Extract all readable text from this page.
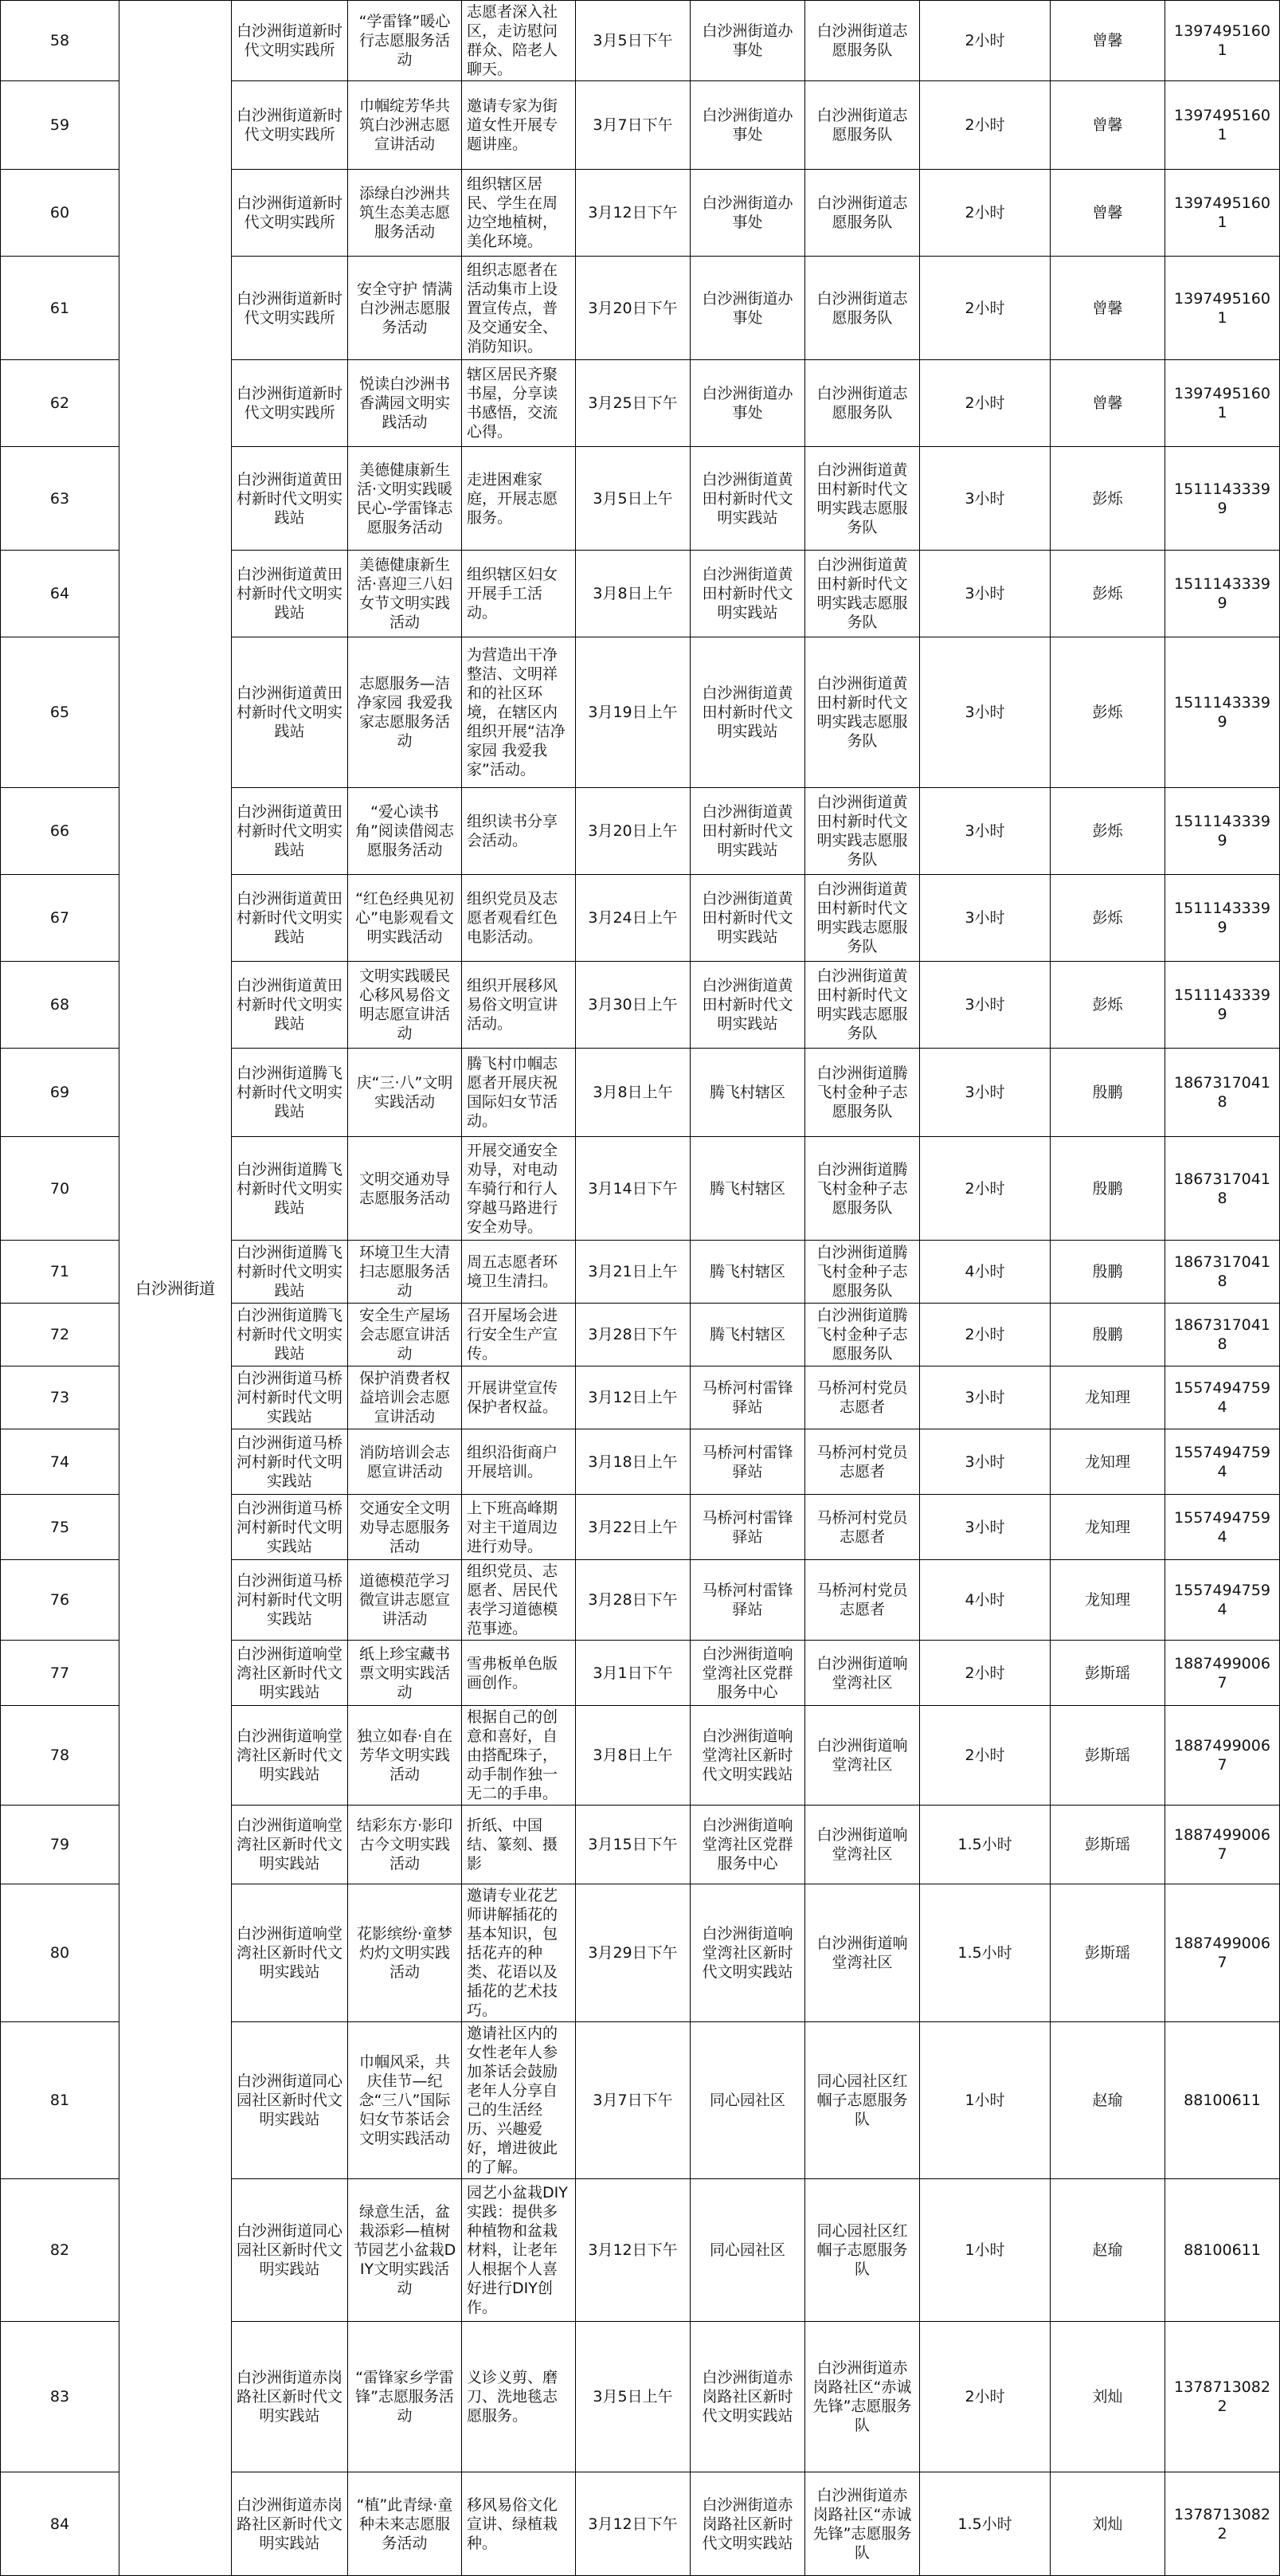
58	白沙洲街道	白沙洲街道新时代文明实践所	“学雷锋”暖心行志愿服务活动	志愿者深入社区，走访慰问群众、陪老人聊天。	3月5日下午	白沙洲街道办事处	白沙洲街道志愿服务队	2小时	曾馨	13974951601
59		白沙洲街道新时代文明实践所	巾帼绽芳华共筑白沙洲志愿宣讲活动	邀请专家为街道女性开展专题讲座。	3月7日下午	白沙洲街道办事处	白沙洲街道志愿服务队	2小时	曾馨	13974951601
60		白沙洲街道新时代文明实践所	添绿白沙洲共筑生态美志愿服务活动	组织辖区居民、学生在周边空地植树，美化环境。	3月12日下午	白沙洲街道办事处	白沙洲街道志愿服务队	2小时	曾馨	13974951601
61		白沙洲街道新时代文明实践所	安全守护 情满白沙洲志愿服务活动	组织志愿者在活动集市上设置宣传点，普及交通安全、消防知识。	3月20日下午	白沙洲街道办事处	白沙洲街道志愿服务队	2小时	曾馨	13974951601
62		白沙洲街道新时代文明实践所	悦读白沙洲书香满园文明实践活动	辖区居民齐聚书屋，分享读书感悟，交流心得。	3月25日下午	白沙洲街道办事处	白沙洲街道志愿服务队	2小时	曾馨	13974951601
63		白沙洲街道黄田村新时代文明实践站	美德健康新生活·文明实践暖民心-学雷锋志愿服务活动	走进困难家庭，开展志愿服务。	3月5日上午	白沙洲街道黄田村新时代文明实践站	白沙洲街道黄田村新时代文明实践志愿服务队	3小时	彭烁	15111433399
64		白沙洲街道黄田村新时代文明实践站	美德健康新生活·喜迎三八妇女节文明实践活动	组织辖区妇女开展手工活动。	3月8日上午	白沙洲街道黄田村新时代文明实践站	白沙洲街道黄田村新时代文明实践志愿服务队	3小时	彭烁	15111433399
65		白沙洲街道黄田村新时代文明实践站	志愿服务—洁净家园 我爱我家志愿服务活动	为营造出干净整洁、文明祥和的社区环境，在辖区内组织开展“洁净家园 我爱我家”活动。	3月19日上午	白沙洲街道黄田村新时代文明实践站	白沙洲街道黄田村新时代文明实践志愿服务队	3小时	彭烁	15111433399
66		白沙洲街道黄田村新时代文明实践站	“爱心读书角”阅读借阅志愿服务活动	组织读书分享会活动。	3月20日上午	白沙洲街道黄田村新时代文明实践站	白沙洲街道黄田村新时代文明实践志愿服务队	3小时	彭烁	15111433399
67		白沙洲街道黄田村新时代文明实践站	“红色经典见初心”电影观看文明实践活动	组织党员及志愿者观看红色电影活动。	3月24日上午	白沙洲街道黄田村新时代文明实践站	白沙洲街道黄田村新时代文明实践志愿服务队	3小时	彭烁	15111433399
68		白沙洲街道黄田村新时代文明实践站	文明实践暖民心移风易俗文明志愿宣讲活动	组织开展移风易俗文明宣讲活动。	3月30日上午	白沙洲街道黄田村新时代文明实践站	白沙洲街道黄田村新时代文明实践志愿服务队	3小时	彭烁	15111433399
69		白沙洲街道腾飞村新时代文明实践站	庆“三·八”文明实践活动	腾飞村巾帼志愿者开展庆祝国际妇女节活动。	3月8日上午	腾飞村辖区	白沙洲街道腾飞村金种子志愿服务队	3小时	殷鹏	18673170418
70		白沙洲街道腾飞村新时代文明实践站	文明交通劝导志愿服务活动	开展交通安全劝导，对电动车骑行和行人穿越马路进行安全劝导。	3月14日下午	腾飞村辖区	白沙洲街道腾飞村金种子志愿服务队	2小时	殷鹏	18673170418
71		白沙洲街道腾飞村新时代文明实践站	环境卫生大清扫志愿服务活动	周五志愿者环境卫生清扫。	3月21日上午	腾飞村辖区	白沙洲街道腾飞村金种子志愿服务队	4小时	殷鹏	18673170418
72		白沙洲街道腾飞村新时代文明实践站	安全生产屋场会志愿宣讲活动	召开屋场会进行安全生产宣传。	3月28日下午	腾飞村辖区	白沙洲街道腾飞村金种子志愿服务队	2小时	殷鹏	18673170418
73		白沙洲街道马桥河村新时代文明实践站	保护消费者权益培训会志愿宣讲活动	开展讲堂宣传保护者权益。	3月12日上午	马桥河村雷锋驿站	马桥河村党员志愿者	3小时	龙知理	15574947594
74		白沙洲街道马桥河村新时代文明实践站	消防培训会志愿宣讲活动	组织沿街商户开展培训。	3月18日上午	马桥河村雷锋驿站	马桥河村党员志愿者	3小时	龙知理	15574947594
75		白沙洲街道马桥河村新时代文明实践站	交通安全文明劝导志愿服务活动	上下班高峰期对主干道周边进行劝导。	3月22日上午	马桥河村雷锋驿站	马桥河村党员志愿者	3小时	龙知理	15574947594
76		白沙洲街道马桥河村新时代文明实践站	道德模范学习微宣讲志愿宣讲活动	组织党员、志愿者、居民代表学习道德模范事迹。	3月28日下午	马桥河村雷锋驿站	马桥河村党员志愿者	4小时	龙知理	15574947594
77		白沙洲街道响堂湾社区新时代文明实践站	纸上珍宝藏书票文明实践活动	雪弗板单色版画创作。	3月1日下午	白沙洲街道响堂湾社区党群服务中心	白沙洲街道响堂湾社区	2小时	彭斯瑶	18874990067
78		白沙洲街道响堂湾社区新时代文明实践站	独立如春·自在芳华文明实践活动	根据自己的创意和喜好，自由搭配珠子，动手制作独一无二的手串。	3月8日上午	白沙洲街道响堂湾社区新时代文明实践站	白沙洲街道响堂湾社区	2小时	彭斯瑶	18874990067
79		白沙洲街道响堂湾社区新时代文明实践站	结彩东方·影印古今文明实践活动	折纸、中国结、篆刻、摄影	3月15日下午	白沙洲街道响堂湾社区党群服务中心	白沙洲街道响堂湾社区	1.5小时	彭斯瑶	18874990067
80		白沙洲街道响堂湾社区新时代文明实践站	花影缤纷·童梦灼灼文明实践活动	邀请专业花艺师讲解插花的基本知识，包括花卉的种类、花语以及插花的艺术技巧。	3月29日下午	白沙洲街道响堂湾社区新时代文明实践站	白沙洲街道响堂湾社区	1.5小时	彭斯瑶	18874990067
81		白沙洲街道同心园社区新时代文明实践站	巾帼风采，共庆佳节—纪念“三八”国际妇女节茶话会文明实践活动	邀请社区内的女性老年人参加茶话会鼓励老年人分享自己的生活经历、兴趣爱好，增进彼此的了解。	3月7日下午	同心园社区	同心园社区红帼子志愿服务队	1小时	赵瑜	88100611
82		白沙洲街道同心园社区新时代文明实践站	绿意生活，盆栽添彩—植树节园艺小盆栽DIY文明实践活动	园艺小盆栽DIY实践：提供多种植物和盆栽材料，让老年人根据个人喜好进行DIY创作。	3月12日下午	同心园社区	同心园社区红帼子志愿服务队	1小时	赵瑜	88100611
83		白沙洲街道赤岗路社区新时代文明实践站	“雷锋家乡学雷锋”志愿服务活动	义诊义剪、磨刀、洗地毯志愿服务。	3月5日上午	白沙洲街道赤岗路社区新时代文明实践站	白沙洲街道赤岗路社区“赤诚先锋”志愿服务队	2小时	刘灿	13787130822
84		白沙洲街道赤岗路社区新时代文明实践站	“植”此青绿·童种未来志愿服务活动	移风易俗文化宣讲、绿植栽种。	3月12日下午	白沙洲街道赤岗路社区新时代文明实践站	白沙洲街道赤岗路社区“赤诚先锋”志愿服务队	1.5小时	刘灿	13787130822
